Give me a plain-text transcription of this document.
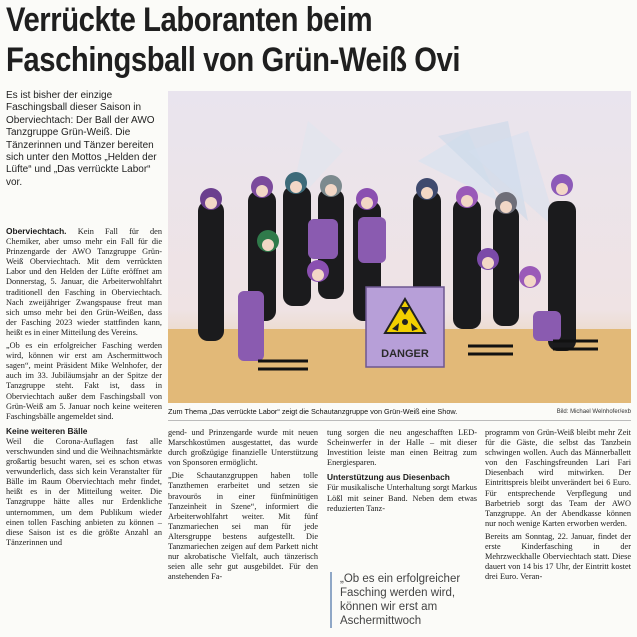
Verrückte Laboranten beim
Faschingsball von Grün-Weiß Ovi
Es ist bisher der einzige Faschingsball dieser Saison in Oberviechtach: Der Ball der AWO Tanzgruppe Grün-Weiß. Die Tänzerinnen und Tänzer bereiten sich unter den Mottos „Helden der Lüfte“ und „Das verrückte Labor“ vor.

Oberviechtach. Kein Fall für den Chemiker, aber umso mehr ein Fall für die Prinzengarde der AWO Tanzgruppe Grün-Weiß Oberviechtach. Mit dem verrückten Labor und den Helden der Lüfte eröffnet am Donnerstag, 5. Januar, die Arbeiterwohlfahrt traditionell den Fasching in Oberviechtach. Nach zweijähriger Zwangspause freut man sich umso mehr bei den Grün-Weißen, dass der Fasching 2023 wieder stattfinden kann, heißt es in einer Mitteilung des Vereins.

„Ob es ein erfolgreicher Fasching werden wird, können wir erst am Aschermittwoch sagen“, meint Präsident Mike Welnhofer, der auch im 33. Jubiläumsjahr an der Spitze der Tanzgruppe steht. Fakt ist, dass in Oberviechtach außer dem Faschingsball von Grün-Weiß am 5. Januar noch keine weiteren Faschingsbälle angemeldet sind.

Keine weiteren Bälle

Weil die Corona-Auflagen fast alle verschwunden sind und die Weihnachtsmärkte großartig besucht waren, sei es schon etwas verwunderlich, dass sich kein Veranstalter für Bälle im Raum Oberviechtach mehr findet, heißt es in der Mitteilung weiter. Die Tanzgruppe hätte alles nur Erdenkliche unternommen, um dem Publikum wieder einen tollen Fasching anbieten zu können – diese Saison ist es die größte Anzahl an Tänzerinnen und

DANGER
Zum Thema „Das verrückte Labor“ zeigt die Schautanzgruppe von Grün-Weiß eine Show.	Bild: Michael Welnhofer/exb

gend- und Prinzengarde wurde mit neuen Marschkostümen ausgestattet, das wurde durch großzügige finanzielle Unterstützung von Sponsoren ermöglicht.

„Die Schautanzgruppen haben tolle Tanzthemen erarbeitet und setzen sie bravourös in einer fünfminütigen Tanzeinheit in Szene“, informiert die Arbeiterwohlfahrt weiter. Mit fünf Tanzmariechen sei man für jede Altersgruppe bestens aufgestellt. Die Tanzmariechen zeigen auf dem Parkett nicht nur akrobatische Vielfalt, auch tänzerisch seien alle sehr gut ausgebildet. Für den anstehenden Fa-

tung sorgen die neu angeschafften LED-Scheinwerfer in der Halle – mit dieser Investition leiste man einen Beitrag zum Energiesparen.

Unterstützung aus Diesenbach

Für musikalische Unterhaltung sorgt Markus Lößl mit seiner Band. Neben dem etwas reduzierten Tanz-

„Ob es ein erfolgreicher Fasching werden wird, können wir erst am Aschermittwoch

programm von Grün-Weiß bleibt mehr Zeit für die Gäste, die selbst das Tanzbein schwingen wollen. Auch das Männerballett von den Faschingsfreunden Lari Fari Diesenbach wird mitwirken. Der Eintrittspreis bleibt unverändert bei 6 Euro. Für entsprechende Verpflegung und Barbetrieb sorgt das Team der AWO Tanzgruppe. An der Abendkasse können nur noch wenige Karten erworben werden.

Bereits am Sonntag, 22. Januar, findet der erste Kinderfasching in der Mehrzweckhalle Oberviechtach statt. Diese dauert von 14 bis 17 Uhr, der Eintritt kostet drei Euro. Veran-
